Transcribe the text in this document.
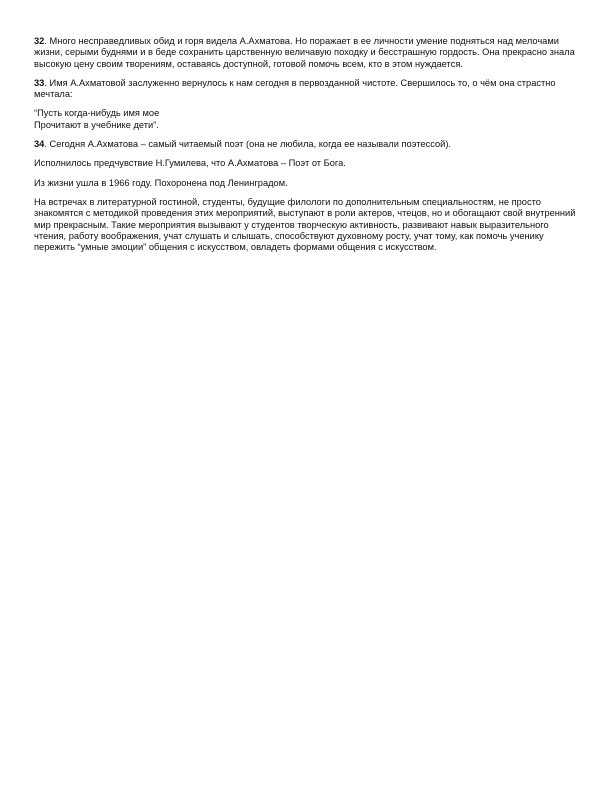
32. Много несправедливых обид и горя видела А.Ахматова. Но поражает в ее личности умение подняться над мелочами жизни, серыми буднями и в беде сохранить царственную величавую походку и бесстрашную гордость. Она прекрасно знала высокую цену своим творениям, оставаясь доступной, готовой помочь всем, кто в этом нуждается.

33. Имя А.Ахматовой заслуженно вернулось к нам сегодня в первозданной чистоте. Свершилось то, о чём она страстно мечтала:

“Пусть когда-нибудь имя мое
Прочитают в учебнике дети”.

34. Сегодня А.Ахматова – самый читаемый поэт (она не любила, когда ее называли поэтессой).

Исполнилось предчувствие Н.Гумилева, что А.Ахматова – Поэт от Бога.

Из жизни ушла в 1966 году. Похоронена под Ленинградом.

На встречах в литературной гостиной, студенты, будущие филологи по дополнительным специальностям, не просто знакомятся с методикой проведения этих мероприятий, выступают в роли актеров, чтецов, но и обогащают свой внутренний мир прекрасным. Такие мероприятия вызывают у студентов творческую активность, развивают навык выразительного чтения, работу воображения, учат слушать и слышать, способствуют духовному росту, учат тому, как помочь ученику пережить “умные эмоции” общения с искусством, овладеть формами общения с искусством.
